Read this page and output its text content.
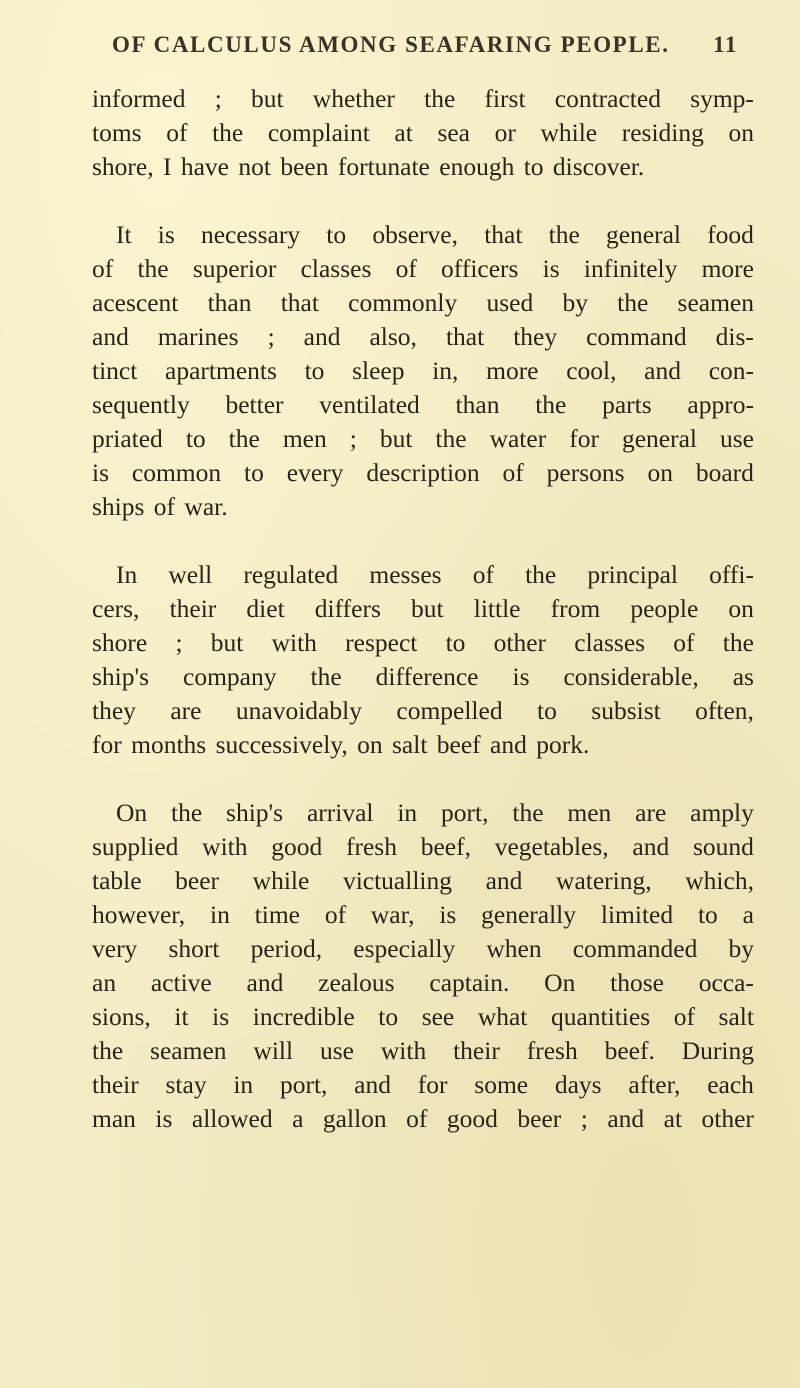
OF CALCULUS AMONG SEAFARING PEOPLE. 11
informed ; but whether the first contracted symp-
toms of the complaint at sea or while residing on
shore, I have not been fortunate enough to discover.
It is necessary to observe, that the general food
of the superior classes of officers is infinitely more
acescent than that commonly used by the seamen
and marines ; and also, that they command dis-
tinct apartments to sleep in, more cool, and con-
sequently better ventilated than the parts appro-
priated to the men ; but the water for general use
is common to every description of persons on board
ships of war.
In well regulated messes of the principal offi-
cers, their diet differs but little from people on
shore ; but with respect to other classes of the
ship's company the difference is considerable, as
they are unavoidably compelled to subsist often,
for months successively, on salt beef and pork.
On the ship's arrival in port, the men are amply
supplied with good fresh beef, vegetables, and sound
table beer while victualling and watering, which,
however, in time of war, is generally limited to a
very short period, especially when commanded by
an active and zealous captain. On those occa-
sions, it is incredible to see what quantities of salt
the seamen will use with their fresh beef. During
their stay in port, and for some days after, each
man is allowed a gallon of good beer ; and at other
